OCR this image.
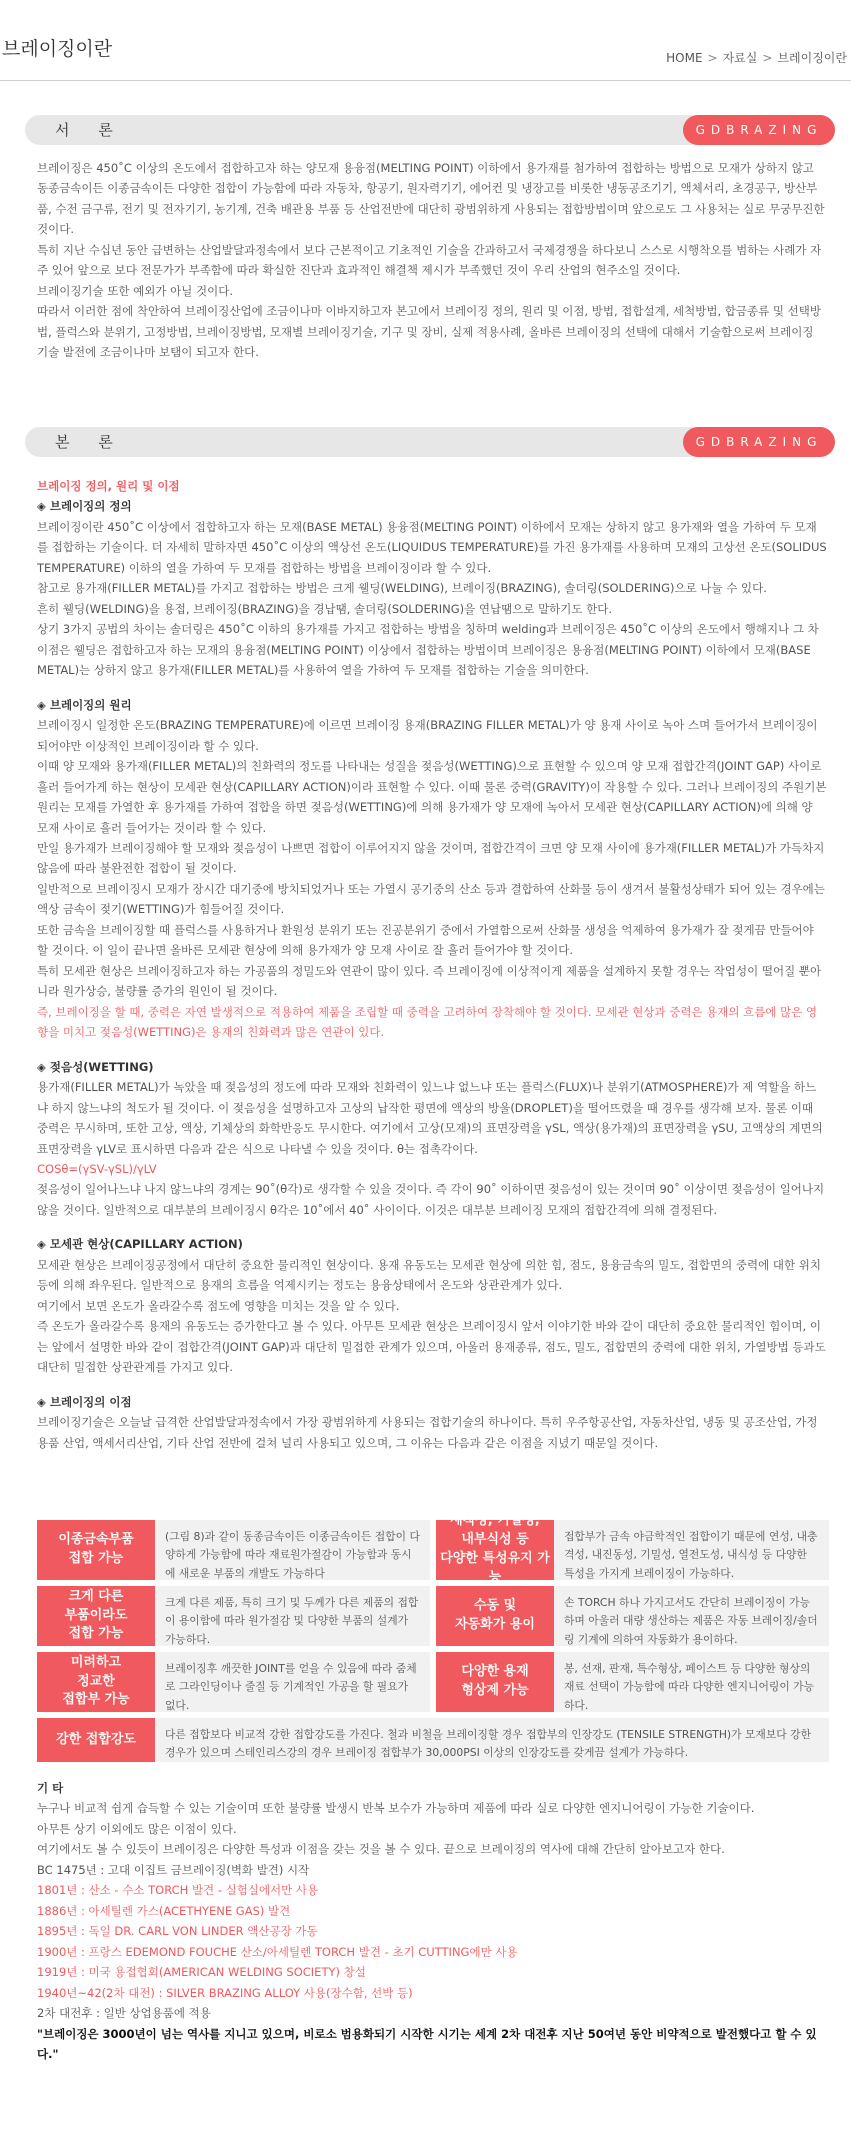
브레이징이란	HOME > 자료실 > 브레이징이란
GDBRAZING
서 론

브레이징은 450˚C 이상의 온도에서 접합하고자 하는 양모재 용융점(MELTING POINT) 이하에서 용가재를 첨가하여 접합하는 방법으로 모재가 상하지 않고 동종금속이든 이종금속이든 다양한 접합이 가능함에 따라 자동차, 항공기, 원자력기기, 에어컨 및 냉장고를 비롯한 냉동공조기기, 액체서리, 초경공구, 방산부품, 수전 금구류, 전기 및 전자기기, 농기계, 건축 배관용 부품 등 산업전반에 대단히 광범위하게 사용되는 접합방법이며 앞으로도 그 사용처는 실로 무궁무진한 것이다.

특히 지난 수십년 동안 급변하는 산업발달과정속에서 보다 근본적이고 기초적인 기술을 간과하고서 국제경쟁을 하다보니 스스로 시행착오를 범하는 사례가 자주 있어 앞으로 보다 전문가가 부족함에 따라 확실한 진단과 효과적인 해결책 제시가 부족했던 것이 우리 산업의 현주소일 것이다.

브레이징기술 또한 예외가 아닐 것이다.

따라서 이러한 점에 착안하여 브레이징산업에 조금이나마 이바지하고자 본고에서 브레이징 정의, 원리 및 이점, 방법, 접합설계, 세척방법, 합금종류 및 선택방법, 플럭스와 분위기, 고정방법, 브레이징방법, 모재별 브레이징기술, 기구 및 장비, 실제 적용사례, 올바른 브레이징의 선택에 대해서 기술함으로써 브레이징 기술 발전에 조금이나마 보탬이 되고자 한다.

GDBRAZING
본 론

브레이징 정의, 원리 및 이점

◈ 브레이징의 정의

브레이징이란 450˚C 이상에서 접합하고자 하는 모재(BASE METAL) 용융점(MELTING POINT) 이하에서 모재는 상하지 않고 용가재와 열을 가하여 두 모재를 접합하는 기술이다. 더 자세히 말하자면 450˚C 이상의 액상선 온도(LIQUIDUS TEMPERATURE)를 가진 용가재를 사용하며 모재의 고상선 온도(SOLIDUS TEMPERATURE) 이하의 열을 가하여 두 모재를 접합하는 방법을 브레이징이라 할 수 있다.

참고로 용가재(FILLER METAL)를 가지고 접합하는 방법은 크게 웰딩(WELDING), 브레이징(BRAZING), 솔더링(SOLDERING)으로 나눌 수 있다.

흔히 웰딩(WELDING)을 용접, 브레이징(BRAZING)을 경납땜, 솔더링(SOLDERING)을 연납땜으로 말하기도 한다.

상기 3가지 공법의 차이는 솔더링은 450˚C 이하의 용가재를 가지고 접합하는 방법을 칭하며 welding과 브레이징은 450˚C 이상의 온도에서 행해지나 그 차이점은 웰딩은 접합하고자 하는 모재의 용융점(MELTING POINT) 이상에서 접합하는 방법이며 브레이징은 용융점(MELTING POINT) 이하에서 모재(BASE METAL)는 상하지 않고 용가재(FILLER METAL)를 사용하여 열을 가하여 두 모재를 접합하는 기술을 의미한다.

◈ 브레이징의 원리

브레이징시 일정한 온도(BRAZING TEMPERATURE)에 이르면 브레이징 용재(BRAZING FILLER METAL)가 양 용재 사이로 녹아 스며 들어가서 브레이징이 되어야만 이상적인 브레이징이라 할 수 있다.

이때 양 모재와 용가재(FILLER METAL)의 친화력의 정도를 나타내는 성질을 젖음성(WETTING)으로 표현할 수 있으며 양 모재 접합간격(JOINT GAP) 사이로 흘러 들어가게 하는 현상이 모세관 현상(CAPILLARY ACTION)이라 표현할 수 있다. 이때 물론 중력(GRAVITY)이 작용할 수 있다. 그러나 브레이징의 주원기본 원리는 모재를 가열한 후 용가재를 가하여 접합을 하면 젖음성(WETTING)에 의해 용가재가 양 모재에 녹아서 모세관 현상(CAPILLARY ACTION)에 의해 양 모재 사이로 흘러 들어가는 것이라 할 수 있다.

만일 용가재가 브레이징해야 할 모재와 젖음성이 나쁘면 접합이 이루어지지 않을 것이며, 접합간격이 크면 양 모재 사이에 용가재(FILLER METAL)가 가득차지 않음에 따라 불완전한 접합이 될 것이다.

일반적으로 브레이징시 모재가 장시간 대기중에 방치되었거나 또는 가열시 공기중의 산소 등과 결합하여 산화물 등이 생겨서 불활성상태가 되어 있는 경우에는 액상 금속이 젖기(WETTING)가 힘들어질 것이다.

또한 금속을 브레이징할 때 플럭스를 사용하거나 환원성 분위기 또는 진공분위기 중에서 가열함으로써 산화물 생성을 억제하여 용가재가 잘 젖게끔 만들어야 할 것이다. 이 일이 끝나면 올바른 모세관 현상에 의해 용가재가 양 모재 사이로 잘 흘러 들어가야 할 것이다.

특히 모세관 현상은 브레이징하고자 하는 가공품의 정밀도와 연관이 많이 있다. 즉 브레이징에 이상적이게 제품을 설계하지 못할 경우는 작업성이 떨어질 뿐아니라 원가상승, 불량률 증가의 원인이 될 것이다.

즉, 브레이징을 할 때, 중력은 자연 발생적으로 적용하여 제품을 조립할 때 중력을 고려하여 장착해야 할 것이다. 모세관 현상과 중력은 용재의 흐름에 많은 영향을 미치고 젖음성(WETTING)은 용재의 친화력과 많은 연관이 있다.

◈ 젖음성(WETTING)

용가재(FILLER METAL)가 녹았을 때 젖음성의 정도에 따라 모재와 친화력이 있느냐 없느냐 또는 플럭스(FLUX)나 분위기(ATMOSPHERE)가 제 역할을 하느냐 하지 않느냐의 척도가 될 것이다. 이 젖음성을 설명하고자 고상의 납작한 평면에 액상의 방울(DROPLET)을 떨어뜨렸을 때 경우를 생각해 보자. 물론 이때 중력은 무시하며, 또한 고상, 액상, 기체상의 화학반응도 무시한다. 여기에서 고상(모재)의 표면장력을 γSL, 액상(용가재)의 표면장력을 γSU, 고액상의 계면의 표면장력을 γLV로 표시하면 다음과 같은 식으로 나타낼 수 있을 것이다. θ는 접촉각이다.

COSθ=(γSV-γSL)/γLV

젖음성이 일어나느냐 나지 않느냐의 경계는 90˚(θ각)로 생각할 수 있을 것이다. 즉 각이 90˚ 이하이면 젖음성이 있는 것이며 90˚ 이상이면 젖음성이 일어나지 않을 것이다. 일반적으로 대부분의 브레이징시 θ각은 10˚에서 40˚ 사이이다. 이것은 대부분 브레이징 모재의 접합간격에 의해 결정된다.

◈ 모세관 현상(CAPILLARY ACTION)

모세관 현상은 브레이징공정에서 대단히 중요한 물리적인 현상이다. 용재 유동도는 모세관 현상에 의한 힘, 점도, 용융금속의 밀도, 접합면의 중력에 대한 위치 등에 의해 좌우된다. 일반적으로 용재의 흐름을 억제시키는 정도는 용융상태에서 온도와 상관관계가 있다.

여기에서 보면 온도가 올라갈수록 점도에 영향을 미치는 것을 알 수 있다.

즉 온도가 올라갈수록 용재의 유동도는 증가한다고 볼 수 있다. 아무튼 모세관 현상은 브레이징시 앞서 이야기한 바와 같이 대단히 중요한 물리적인 힘이며, 이는 앞에서 설명한 바와 같이 접합간격(JOINT GAP)과 대단히 밀접한 관계가 있으며, 아울러 용재종류, 점도, 밀도, 접합면의 중력에 대한 위치, 가열방법 등과도 대단히 밀접한 상관관계를 가지고 있다.

◈ 브레이징의 이점

브레이징기술은 오늘날 급격한 산업발달과정속에서 가장 광범위하게 사용되는 접합기술의 하나이다. 특히 우주항공산업, 자동차산업, 냉동 및 공조산업, 가정용품 산업, 액세서리산업, 기타 산업 전반에 걸쳐 널리 사용되고 있으며, 그 이유는 다음과 같은 이점을 지녔기 때문일 것이다.

이종금속부품
접합 가능
(그림 8)과 같이 동종금속이든 이종금속이든 접합이 다양하게 가능함에 따라 재료원가절감이 가능함과 동시에 새로운 부품의 개발도 가능하다
세척성, 기밀성,
내부식성 등
다양한 특성유지 가능
접합부가 금속 야금학적인 접합이기 때문에 연성, 내충격성, 내진동성, 기밀성, 열전도성, 내식성 등 다양한 특성을 가지게 브레이징이 가능하다.
크게 다른
부품이라도
접합 가능
크게 다른 제품, 특히 크기 및 두께가 다른 제품의 접합이 용이함에 따라 원가절감 및 다양한 부품의 설계가 가능하다.
수동 및
자동화가 용이
손 TORCH 하나 가지고서도 간단히 브레이징이 가능하며 아울러 대량 생산하는 제품은 자동 브레이징/솔더링 기계에 의하여 자동화가 용이하다.
미려하고
정교한
접합부 가능
브레이징후 깨끗한 JOINT를 얻을 수 있음에 따라 줌체로 그라인딩이나 줄질 등 기계적인 가공을 할 필요가 없다.
다양한 용재
형상제 가능
봉, 선재, 판재, 특수형상, 페이스트 등 다양한 형상의 재료 선택이 가능함에 따라 다양한 엔지니어링이 가능하다.
강한 접합강도	다른 접합보다 비교적 강한 접합강도를 가진다. 철과 비철을 브레이징할 경우 접합부의 인장강도 (TENSILE STRENGTH)가 모재보다 강한 경우가 있으며 스테인리스강의 경우 브레이징 접합부가 30,000PSI 이상의 인장강도를 갖게끔 설계가 가능하다.

기 타

누구나 비교적 쉽게 습득할 수 있는 기술이며 또한 불량률 발생시 반복 보수가 가능하며 제품에 따라 실로 다양한 엔지니어링이 가능한 기술이다.

아무튼 상기 이외에도 많은 이점이 있다.

여기에서도 볼 수 있듯이 브레이징은 다양한 특성과 이점을 갖는 것을 볼 수 있다. 끝으로 브레이징의 역사에 대해 간단히 알아보고자 한다.

BC 1475년 : 고대 이집트 금브레이징(벽화 발견) 시작

1801년 : 산소 - 수소 TORCH 발견 - 실험실에서만 사용

1886년 : 아세틸렌 가스(ACETHYENE GAS) 발견

1895년 : 독일 DR. CARL VON LINDER 액산공장 가동

1900년 : 프랑스 EDEMOND FOUCHE 산소/아세틸렌 TORCH 발견 - 초기 CUTTING에만 사용

1919년 : 미국 용접협회(AMERICAN WELDING SOCIETY) 창설

1940년~42(2차 대전) : SILVER BRAZING ALLOY 사용(장수함, 선박 등)

2차 대전후 : 일반 상업용품에 적용

"브레이징은 3000년이 넘는 역사를 지니고 있으며, 비로소 범용화되기 시작한 시기는 세계 2차 대전후 지난 50여년 동안 비약적으로 발전했다고 할 수 있다."
